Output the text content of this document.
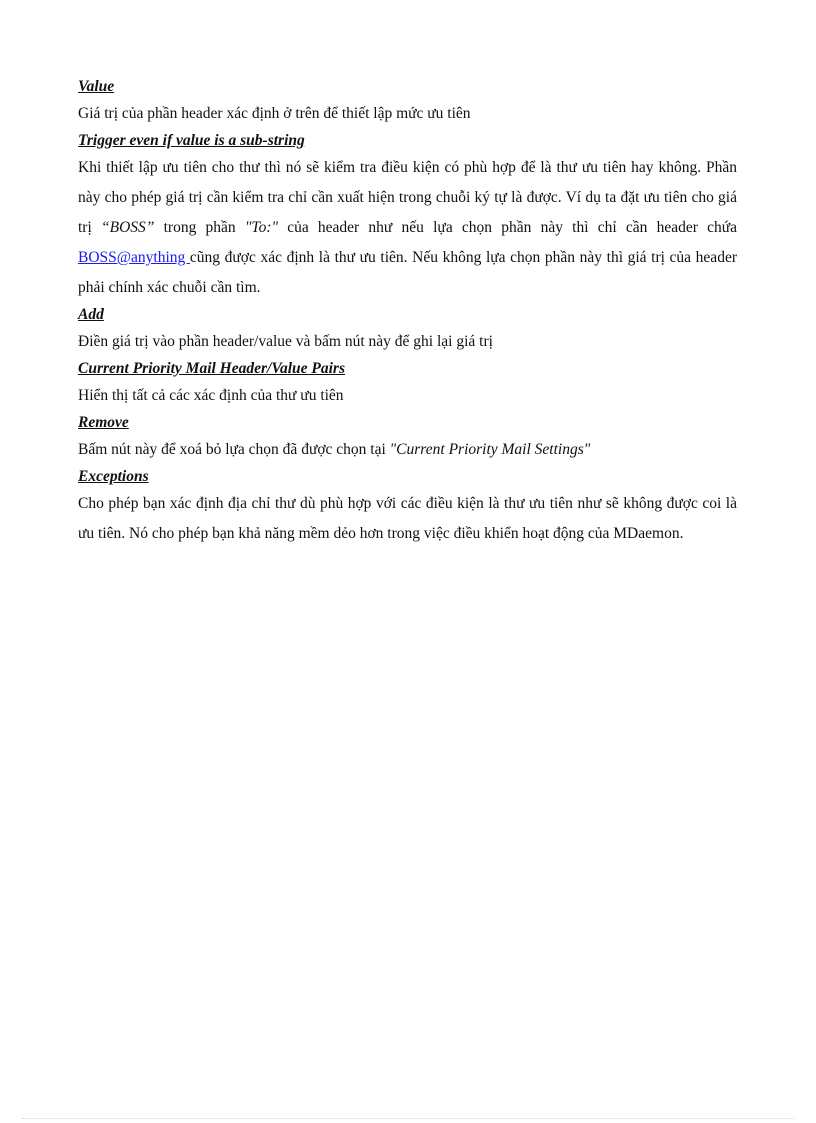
Value
Giá trị của phần header xác định ở trên để thiết lập mức ưu tiên
Trigger even if value is a sub-string
Khi thiết lập ưu tiên cho thư thì nó sẽ kiểm tra điều kiện có phù hợp để là thư ưu tiên hay không. Phần này cho phép giá trị cần kiểm tra chỉ cần xuất hiện trong chuỗi ký tự là được. Ví dụ ta đặt ưu tiên cho giá trị “BOSS” trong phần "To:" của header như nếu lựa chọn phần này thì chỉ cần header chứa BOSS@anything cũng được xác định là thư ưu tiên. Nếu không lựa chọn phần này thì giá trị của header phải chính xác chuỗi cần tìm.
Add
Điền giá trị vào phần header/value và bấm nút này để ghi lại giá trị
Current Priority Mail Header/Value Pairs
Hiển thị tất cả các xác định của thư ưu tiên
Remove
Bấm nút này để xoá bỏ lựa chọn đã được chọn tại "Current Priority Mail Settings"
Exceptions
Cho phép bạn xác định địa chỉ thư dù phù hợp với các điều kiện là thư ưu tiên như sẽ không được coi là ưu tiên. Nó cho phép bạn khả năng mềm dẻo hơn trong việc điều khiển hoạt động của MDaemon.
